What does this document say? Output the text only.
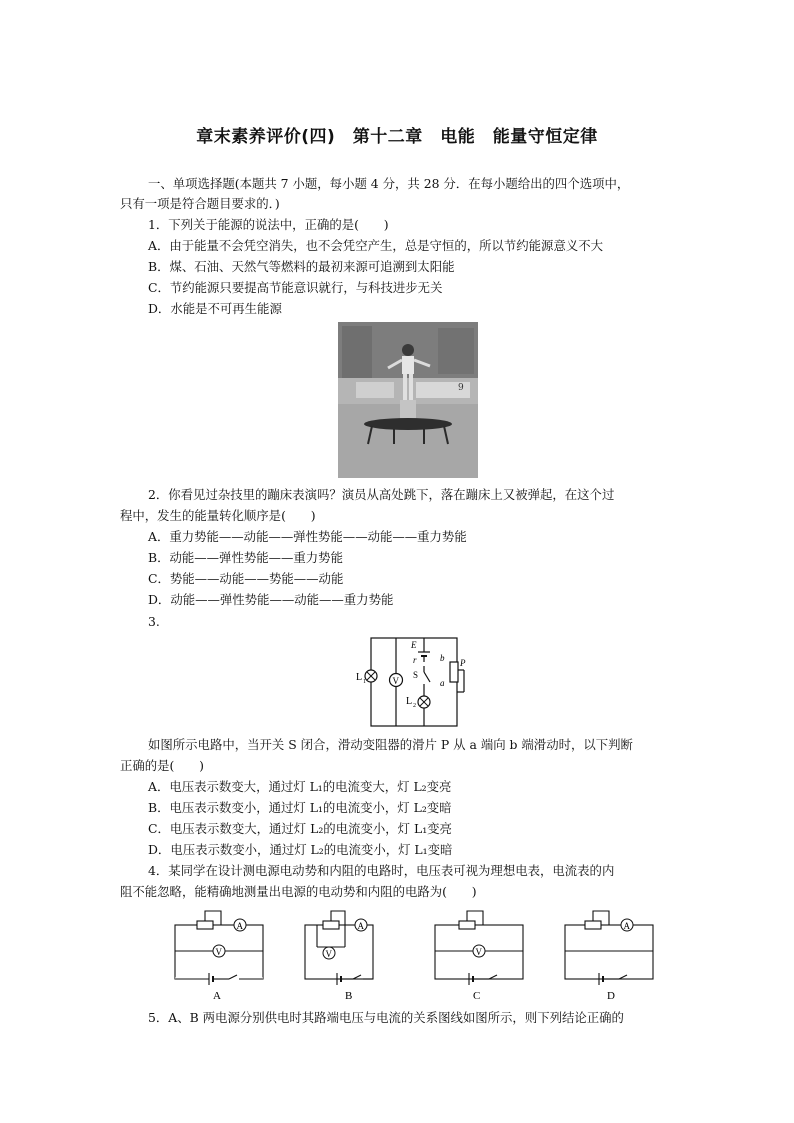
章末素养评价(四)　第十二章　电能　能量守恒定律
一、单项选择题(本题共 7 小题，每小题 4 分，共 28 分．在每小题给出的四个选项中，
只有一项是符合题目要求的．)
1．下列关于能源的说法中，正确的是(　　)
A．由于能量不会凭空消失，也不会凭空产生，总是守恒的，所以节约能源意义不大
B．煤、石油、天然气等燃料的最初来源可追溯到太阳能
C．节约能源只要提高节能意识就行，与科技进步无关
D．水能是不可再生能源
9
2．你看见过杂技里的蹦床表演吗？演员从高处跳下，落在蹦床上又被弹起，在这个过
程中，发生的能量转化顺序是(　　)
A．重力势能——动能——弹性势能——动能——重力势能
B．动能——弹性势能——重力势能
C．势能——动能——势能——动能
D．动能——弹性势能——动能——重力势能
3.
L 1	V
E
r
S
L 2
b
a
P
如图所示电路中，当开关 S 闭合，滑动变阻器的滑片 P 从 a 端向 b 端滑动时，以下判断
正确的是(　　)
A．电压表示数变大，通过灯 L₁的电流变大，灯 L₂变亮
B．电压表示数变小，通过灯 L₁的电流变小，灯 L₂变暗
C．电压表示数变大，通过灯 L₂的电流变小，灯 L₁变亮
D．电压表示数变小，通过灯 L₂的电流变小，灯 L₁变暗
4．某同学在设计测电源电动势和内阻的电路时，电压表可视为理想电表，电流表的内
阻不能忽略，能精确地测量出电源的电动势和内阻的电路为(　　)
A
V
A
V	V
A
A	B	C	D
5．A、B 两电源分别供电时其路端电压与电流的关系图线如图所示，则下列结论正确的
